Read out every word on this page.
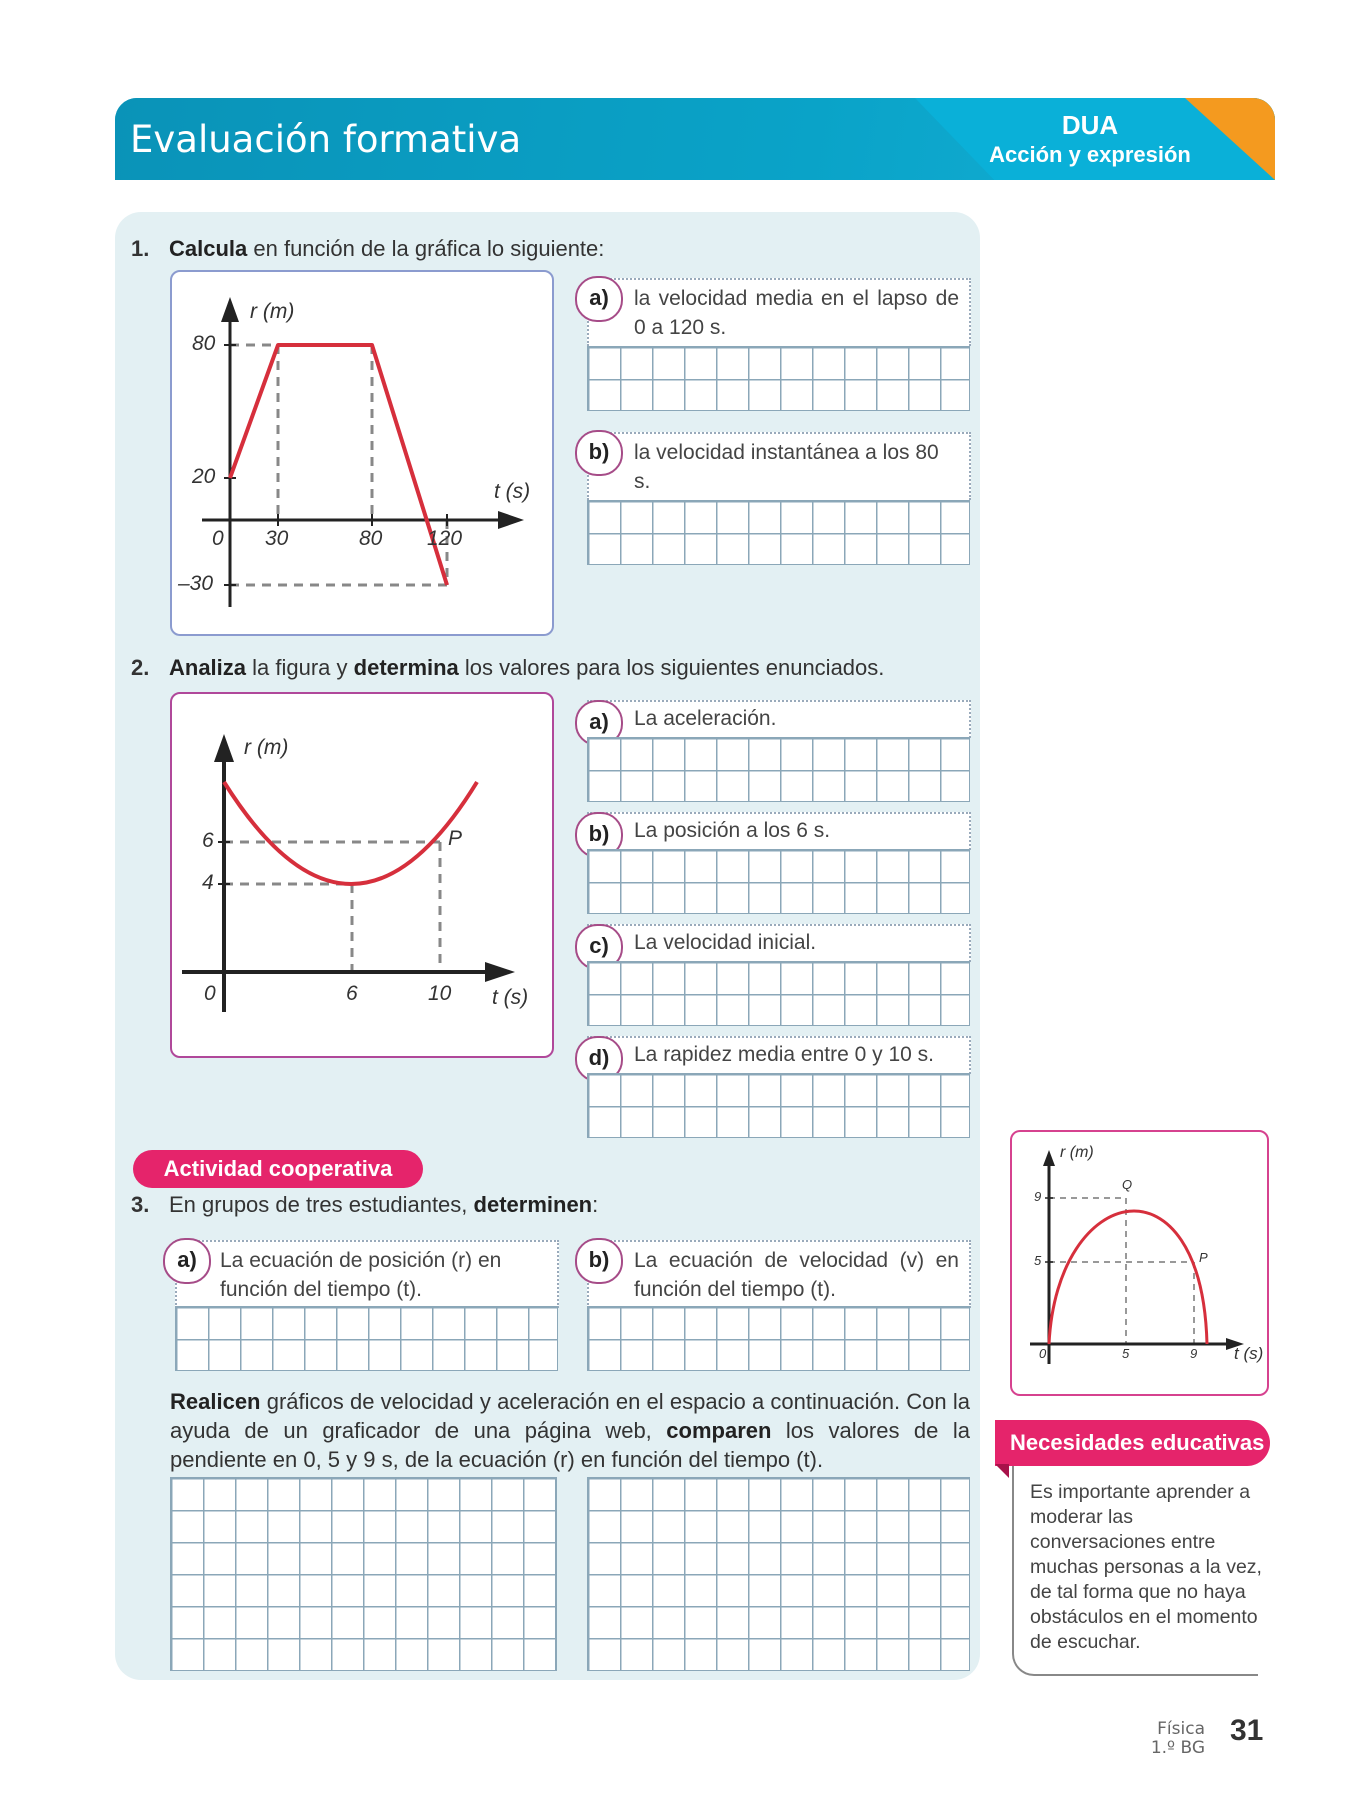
Evaluación formativa	DUA
Acción y expresión
1. Calcula en función de la gráfica lo siguiente:
r (m)
t (s)
80
20
–30
0 30	80 120
la velocidad media en el lapso de 0 a 120 s.
a)
la velocidad instantánea a los 80 s.
b)
2. Analiza la figura y determina los valores para los siguientes enunciados.
r (m)
t (s)
6
4
0	6	10
P
La aceleración.
a)
La posición a los 6 s.
b)
La velocidad inicial.
c)
La rapidez media entre 0 y 10 s.
d)
Actividad cooperativa
3. En grupos de tres estudiantes, determinen:
La ecuación de posición (r) en función del tiempo (t).
a)	La ecuación de velocidad (v) en función del tiempo (t).
b)
Realicen gráficos de velocidad y aceleración en el espacio a continuación. Con la ayuda de un graficador de una página web, comparen los valores de la pendiente en 0, 5 y 9 s, de la ecuación (r) en función del tiempo (t).
r (m)
t (s)
9
5
0	5	9
Q
P
Necesidades educativas
Es importante aprender a moderar las conversaciones entre muchas personas a la vez, de tal forma que no haya obstáculos en el momento de escuchar.
Física
1.º BG
31
